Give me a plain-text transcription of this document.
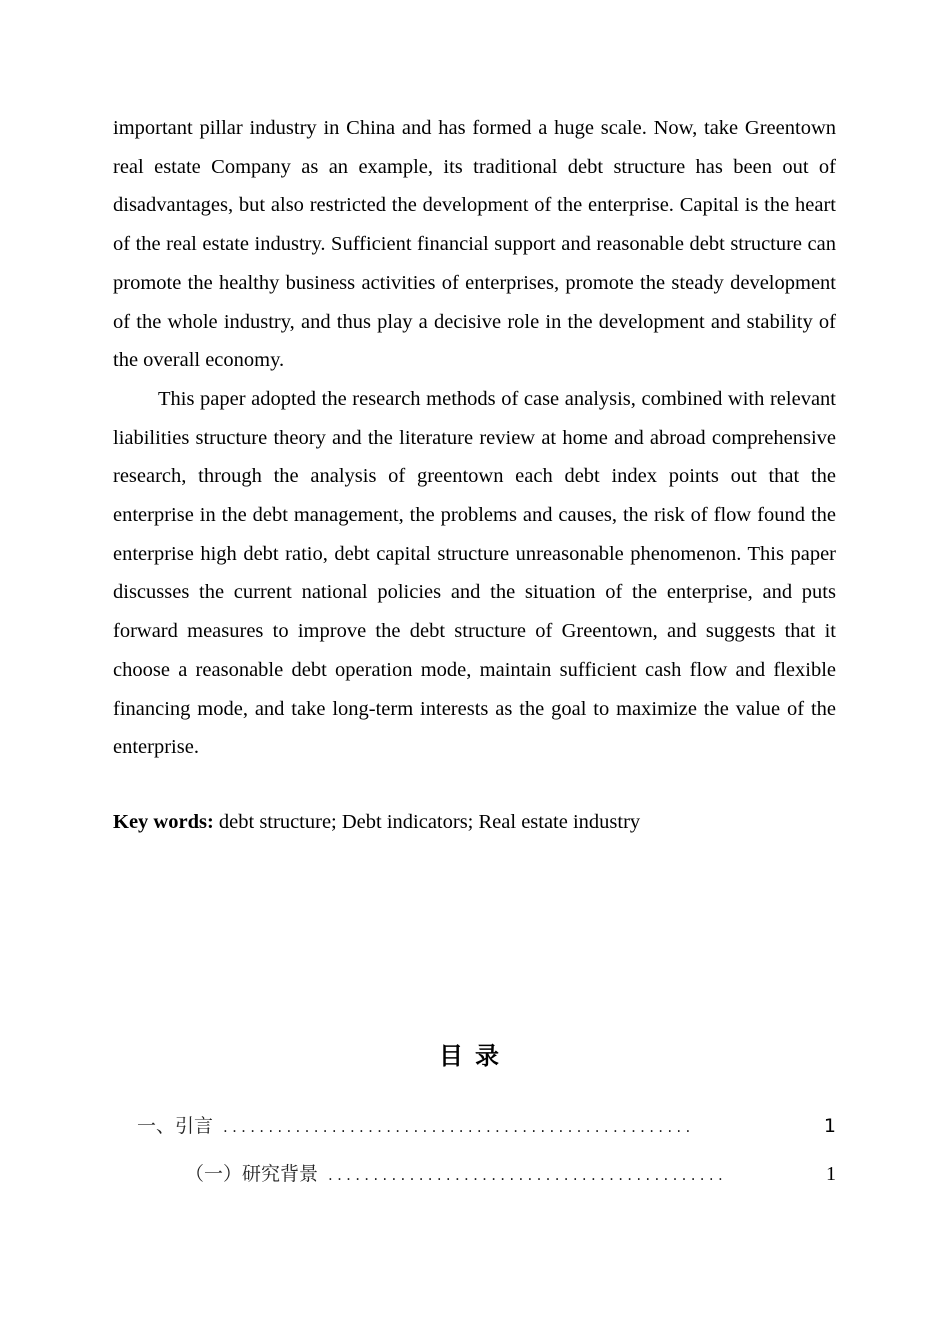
important pillar industry in China and has formed a huge scale. Now, take Greentown real estate Company as an example, its traditional debt structure has been out of disadvantages, but also restricted the development of the enterprise. Capital is the heart of the real estate industry. Sufficient financial support and reasonable debt structure can promote the healthy business activities of enterprises, promote the steady development of the whole industry, and thus play a decisive role in the development and stability of the overall economy.

This paper adopted the research methods of case analysis, combined with relevant liabilities structure theory and the literature review at home and abroad comprehensive research, through the analysis of greentown each debt index points out that the enterprise in the debt management, the problems and causes, the risk of flow found the enterprise high debt ratio, debt capital structure unreasonable phenomenon. This paper discusses the current national policies and the situation of the enterprise, and puts forward measures to improve the debt structure of Greentown, and suggests that it choose a reasonable debt operation mode, maintain sufficient cash flow and flexible financing mode, and take long-term interests as the goal to maximize the value of the enterprise.

Key words: debt structure; Debt indicators; Real estate industry
目录
一、引言 ....................................................	1
（一）研究背景 ............................................	1
